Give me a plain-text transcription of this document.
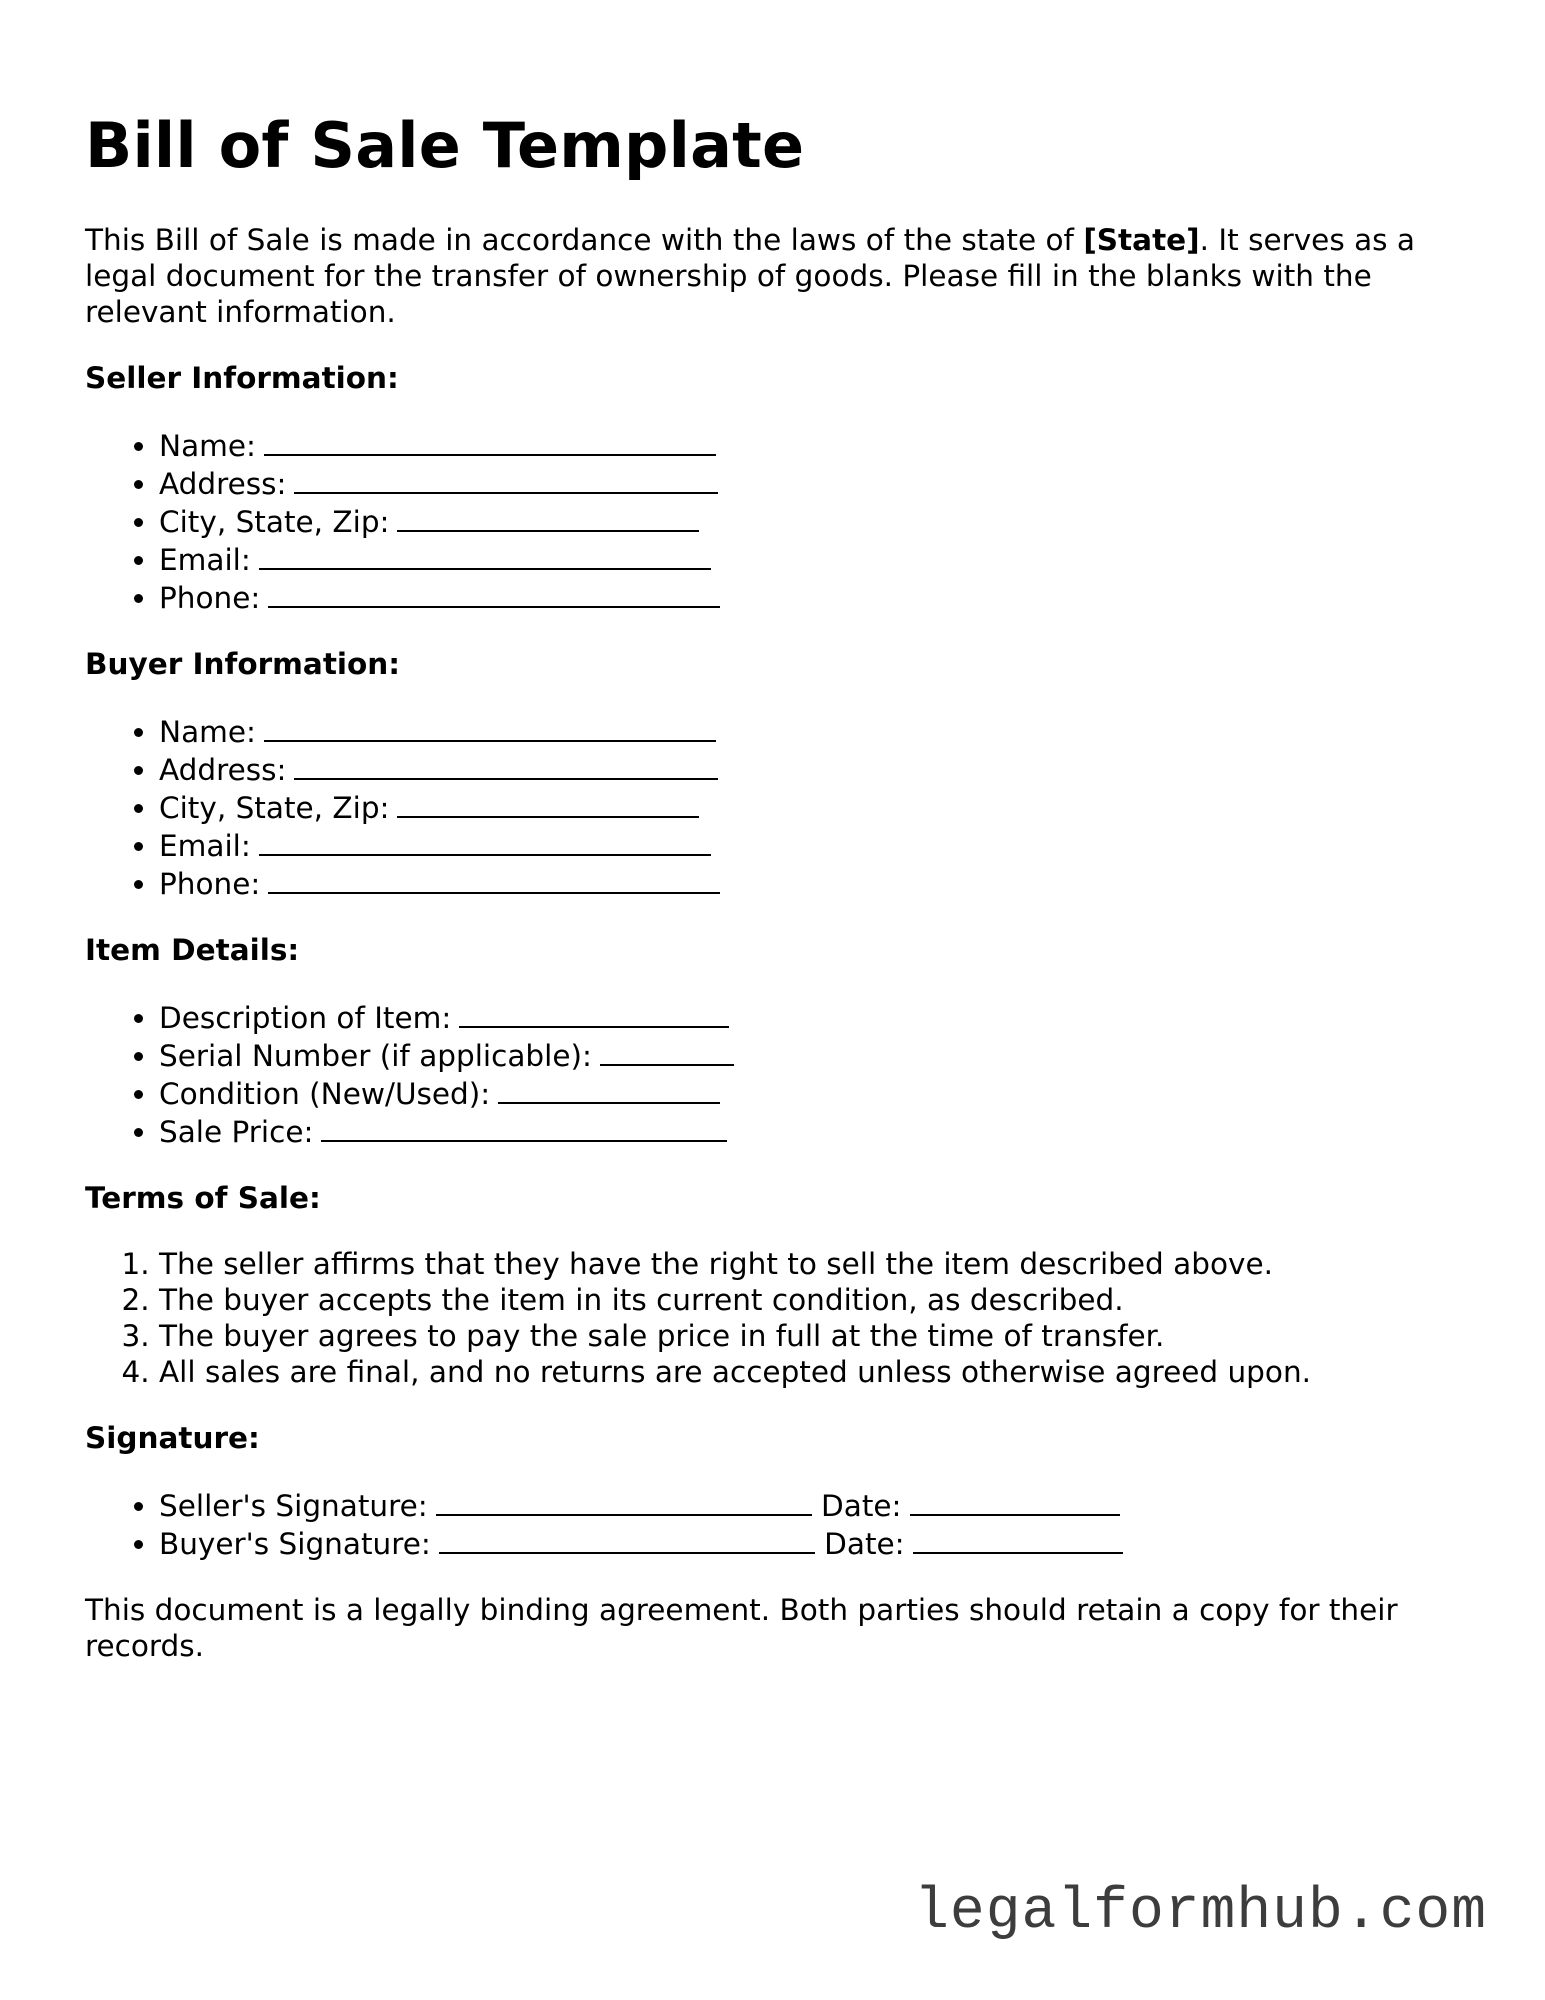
Bill of Sale Template

This Bill of Sale is made in accordance with the laws of the state of [State]. It serves as a legal document for the transfer of ownership of goods. Please fill in the blanks with the relevant information.

Seller Information:
• Name:
• Address:
• City, State, Zip:
• Email:
• Phone:
Buyer Information:
• Name:
• Address:
• City, State, Zip:
• Email:
• Phone:
Item Details:
• Description of Item:
• Serial Number (if applicable):
• Condition (New/Used):
• Sale Price:
Terms of Sale:
1. The seller affirms that they have the right to sell the item described above.
2. The buyer accepts the item in its current condition, as described.
3. The buyer agrees to pay the sale price in full at the time of transfer.
4. All sales are final, and no returns are accepted unless otherwise agreed upon.
Signature:
• Seller's Signature:	Date:
• Buyer's Signature:	Date:

This document is a legally binding agreement. Both parties should retain a copy for their records.

legalformhub.com
